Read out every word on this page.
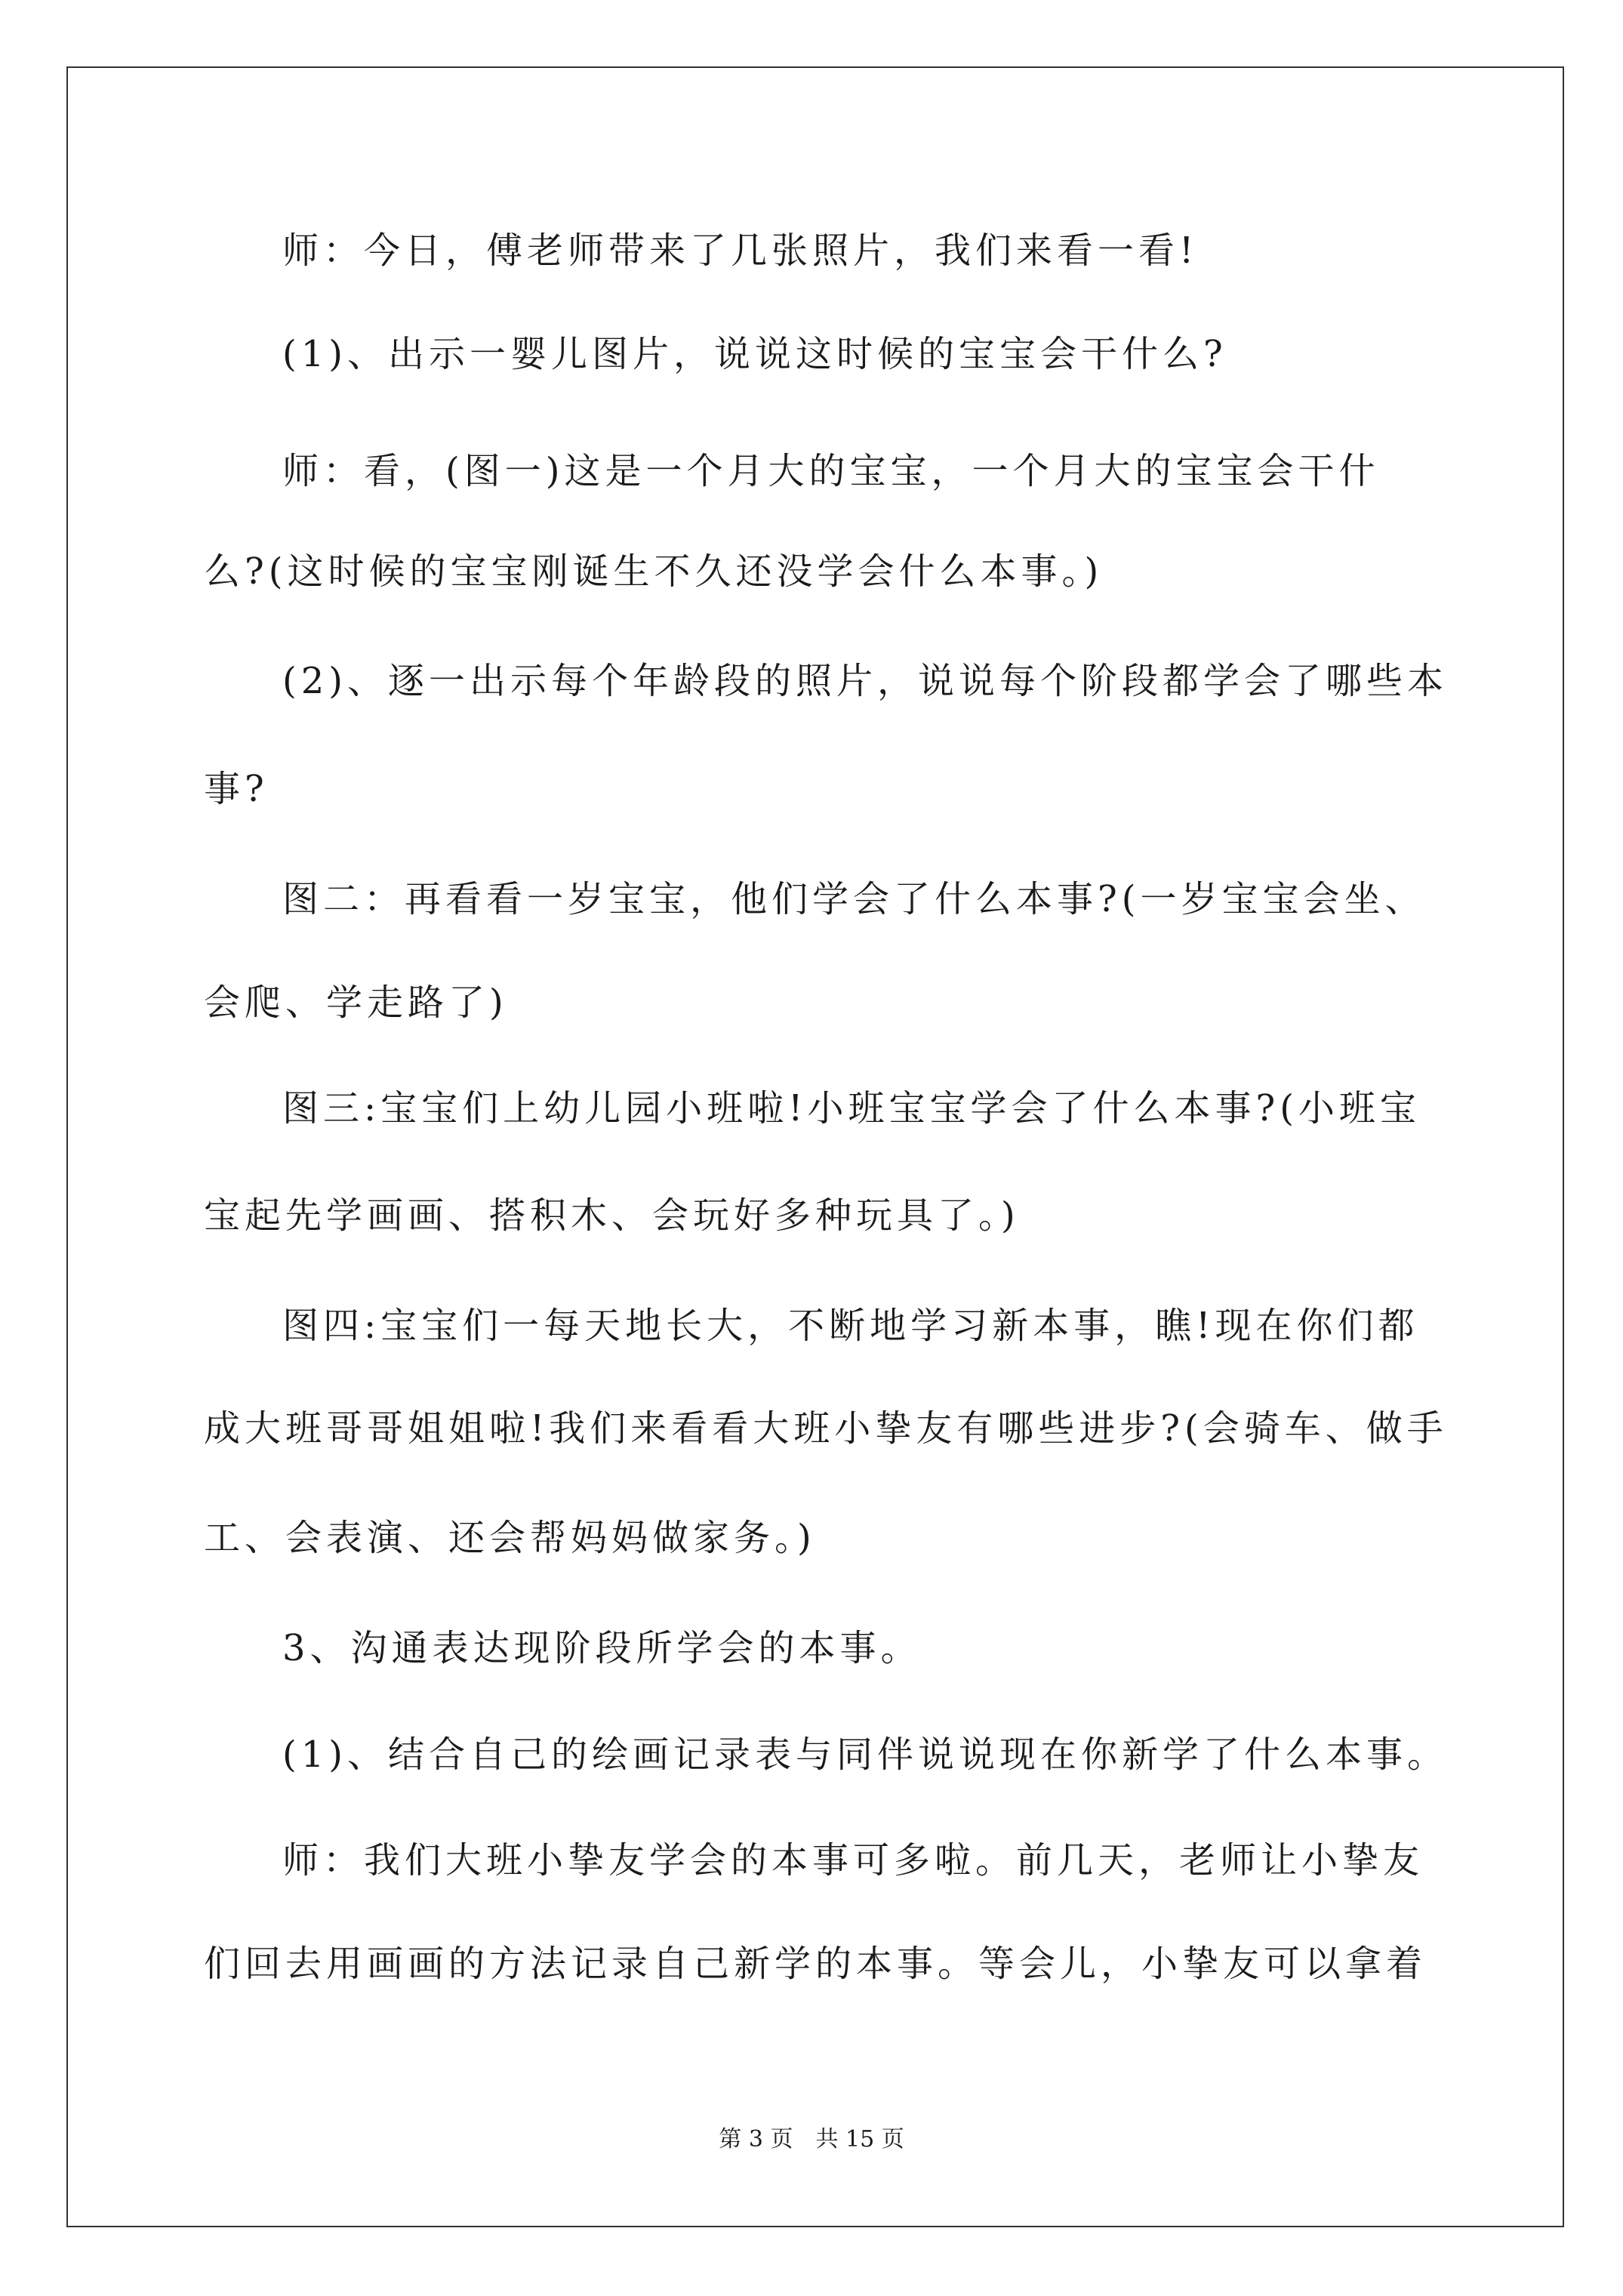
师：今日，傅老师带来了几张照片，我们来看一看!
(1)、出示一婴儿图片，说说这时候的宝宝会干什么?
师：看，(图一)这是一个月大的宝宝，一个月大的宝宝会干什
么?(这时候的宝宝刚诞生不久还没学会什么本事。)
(2)、逐一出示每个年龄段的照片，说说每个阶段都学会了哪些本
事?
图二：再看看一岁宝宝，他们学会了什么本事?(一岁宝宝会坐、
会爬、学走路了)
图三:宝宝们上幼儿园小班啦!小班宝宝学会了什么本事?(小班宝
宝起先学画画、搭积木、会玩好多种玩具了。)
图四:宝宝们一每天地长大，不断地学习新本事，瞧!现在你们都
成大班哥哥姐姐啦!我们来看看大班小挚友有哪些进步?(会骑车、做手
工、会表演、还会帮妈妈做家务。)
3、沟通表达现阶段所学会的本事。
(1)、结合自己的绘画记录表与同伴说说现在你新学了什么本事。
师：我们大班小挚友学会的本事可多啦。前几天，老师让小挚友
们回去用画画的方法记录自己新学的本事。等会儿，小挚友可以拿着
第 3 页　共 15 页
